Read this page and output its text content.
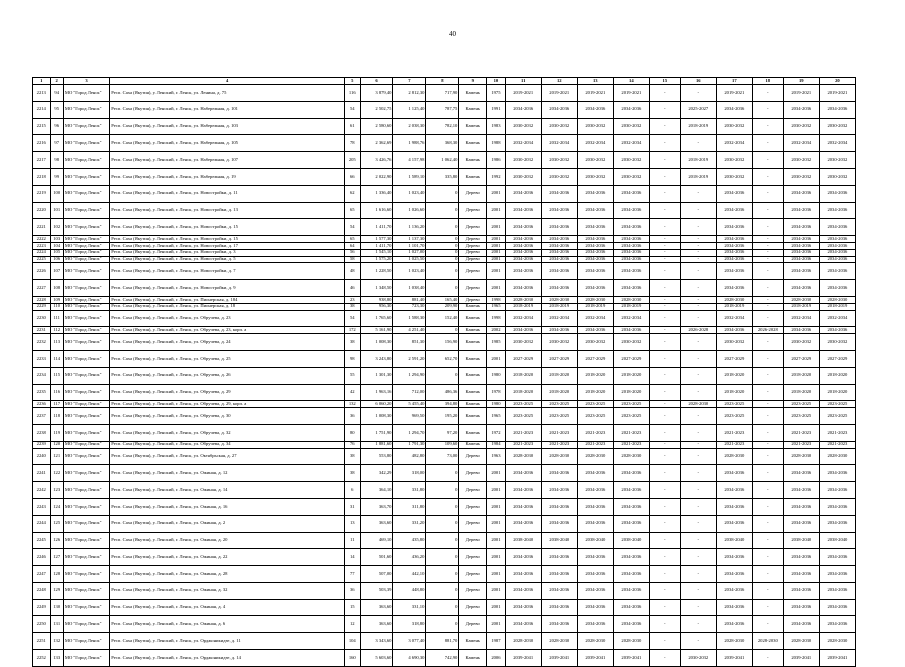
40
1	2	3	4	5	6	7	8	9	10	11	12	13	14	15	16	17	18	19	20
2213	94	МО "Город Ленск"	Респ. Саха (Якутия), у. Ленский, г. Ленск, ул. Ленина, д. 75	116	3 879,40	2 812,30	717,90	Камень	1975	2019-2021	2019-2021	2019-2021	2019-2021	-	-	2019-2021	-	2019-2021	2019-2021
2214	95	МО "Город Ленск"	Респ. Саха (Якутия), у. Ленский, г. Ленск, ул. Набережная, д. 101	54	2 502,75	1 125,40	787,75	Камень	1991	2034-2036	2034-2036	2034-2036	2034-2036	-	2025-2027	2034-2036	-	2034-2036	2034-2036
2215	96	МО "Город Ленск"	Респ. Саха (Якутия), у. Ленский, г. Ленск, ул. Набережная, д. 103	61	2 580,60	2 038,30	782,10	Камень	1983	2030-2032	2030-2032	2030-2032	2030-2032	-	2018-2019	2030-2032	-	2030-2032	2030-2032
2216	97	МО "Город Ленск"	Респ. Саха (Якутия), у. Ленский, г. Ленск, ул. Набережная, д. 105	78	2 362,69	1 988,76	368,30	Камень	1988	2032-2034	2032-2034	2032-2034	2032-2034	-	-	2032-2034	-	2032-2034	2032-2034
2217	98	МО "Город Ленск"	Респ. Саха (Якутия), у. Ленский, г. Ленск, ул. Набережная, д. 107	205	3 426,76	4 157,98	1 062,40	Камень	1986	2030-2032	2030-2032	2030-2032	2030-2032	-	2018-2019	2030-2032	-	2030-2032	2030-2032
2218	99	МО "Город Ленск"	Респ. Саха (Якутия), у. Ленский, г. Ленск, ул. Набережная, д. 19	66	2 022,90	1 589,10	335,80	Камень	1992	2030-2032	2030-2032	2030-2032	2030-2032	-	2018-2019	2030-2032	-	2030-2032	2030-2032
2219	100	МО "Город Ленск"	Респ. Саха (Якутия), у. Ленский, г. Ленск, ул. Новостройки, д. 11	62	1 336,40	1 023,40	0	Дерево	2001	2034-2036	2034-2036	2034-2036	2034-2036	-	-	2034-2036	-	2034-2036	2034-2036
2220	101	МО "Город Ленск"	Респ. Саха (Якутия), у. Ленский, г. Ленск, ул. Новостройки, д. 13	65	1 616,60	1 026,60	0	Дерево	2001	2034-2036	2034-2036	2034-2036	2034-2036	-	-	2034-2036	-	2034-2036	2034-2036
2221	102	МО "Город Ленск"	Респ. Саха (Якутия), у. Ленский, г. Ленск, ул. Новостройки, д. 15	54	1 411,70	1 136,20	0	Дерево	2001	2034-2036	2034-2036	2034-2036	2034-2036	-	-	2034-2036	-	2034-2036	2034-2036
2222	103	МО "Город Ленск"	Респ. Саха (Якутия), у. Ленский, г. Ленск, ул. Новостройки, д. 15	65	1 577,30	1 137,30	0	Дерево	2001	2034-2036	2034-2036	2034-2036	2034-2036	-	-	2034-2036	-	2034-2036	2034-2036
2223	104	МО "Город Ленск"	Респ. Саха (Якутия), у. Ленский, г. Ленск, ул. Новостройки, д. 17	64	1 411,70	1 101,70	0	Дерево	2001	2034-2036	2034-2036	2034-2036	2034-2036	-	-	2034-2036	-	2034-2036	2034-2036
2224	105	МО "Город Ленск"	Респ. Саха (Якутия), у. Ленский, г. Ленск, ул. Новостройки, д. 3	56	1 545,10	1 027,00	0	Дерево	2001	2034-2036	2034-2036	2034-2036	2034-2036	-	-	2034-2036	-	2034-2036	2034-2036
2225	106	МО "Город Ленск"	Респ. Саха (Якутия), у. Ленский, г. Ленск, ул. Новостройки, д. 5	58	1 575,20	1 025,50	0	Дерево	2001	2034-2036	2034-2036	2034-2036	2034-2036	-	-	2034-2036	-	2034-2036	2034-2036
2226	107	МО "Город Ленск"	Респ. Саха (Якутия), у. Ленский, г. Ленск, ул. Новостройки, д. 7	48	1 228,50	1 023,40	0	Дерево	2001	2034-2036	2034-2036	2034-2036	2034-2036	-	-	2034-2036	-	2034-2036	2034-2036
2227	108	МО "Город Ленск"	Респ. Саха (Якутия), у. Ленский, г. Ленск, ул. Новостройки, д. 9	46	1 348,50	1 038,40	0	Дерево	2001	2034-2036	2034-2036	2034-2036	2034-2036	-	-	2034-2036	-	2034-2036	2034-2036
2228	109	МО "Город Ленск"	Респ. Саха (Якутия), у. Ленский, г. Ленск, ул. Пионерская, д. 184	23	938,80	881,40	165,40	Дерево	1998	2028-2030	2028-2030	2028-2030	2028-2030	-	-	2028-2030	-	2028-2030	2028-2030
2229	110	МО "Город Ленск"	Респ. Саха (Якутия), у. Ленский, г. Ленск, ул. Пионерская, д. 18	38	956,30	723,30	209,90	Камень	1965	2018-2019	2018-2019	2018-2019	2018-2019	-	-	2018-2019	-	2018-2019	2018-2019
2230	111	МО "Город Ленск"	Респ. Саха (Якутия), у. Ленский, г. Ленск, ул. Обручева, д. 23	54	1 765,60	1 588,30	152,40	Камень	1998	2032-2034	2032-2034	2032-2034	2032-2034	-	-	2032-2034	-	2032-2034	2032-2034
2231	112	МО "Город Ленск"	Респ. Саха (Якутия), у. Ленский, г. Ленск, ул. Обручева, д. 23, корп. а	172	5 161,90	4 251,40	0	Камень	2002	2034-2036	2034-2036	2034-2036	2034-2036	-	2026-2028	2034-2036	2026-2028	2034-2036	2034-2036
2232	113	МО "Город Ленск"	Респ. Саха (Якутия), у. Ленский, г. Ленск, ул. Обручева, д. 24	38	1 008,30	851,30	156,90	Камень	1985	2030-2032	2030-2032	2030-2032	2030-2032	-	-	2030-2032	-	2030-2032	2030-2032
2233	114	МО "Город Ленск"	Респ. Саха (Якутия), у. Ленский, г. Ленск, ул. Обручева, д. 25	98	3 243,80	2 591,20	652,70	Камень	2001	2027-2029	2027-2029	2027-2029	2027-2029	-	-	2027-2029	-	2027-2029	2027-2029
2234	115	МО "Город Ленск"	Респ. Саха (Якутия), у. Ленский, г. Ленск, ул. Обручева, д. 26	55	1 301,30	1 294,90	0	Камень	1980	2018-2020	2018-2020	2018-2020	2018-2020	-	-	2018-2020	-	2018-2020	2018-2020
2235	116	МО "Город Ленск"	Респ. Саха (Якутия), у. Ленский, г. Ленск, ул. Обручева, д. 29	42	1 963,16	712,00	486,36	Камень	1978	2018-2020	2018-2020	2018-2020	2018-2020	-	-	2018-2020	-	2018-2020	2018-2020
2236	117	МО "Город Ленск"	Респ. Саха (Якутия), у. Ленский, г. Ленск, ул. Обручева, д. 29, корп. а	132	6 060,20	5 455,40	394,80	Камень	1980	2023-2025	2023-2025	2023-2025	2023-2025	-	2028-2030	2023-2025	-	2023-2025	2023-2025
2237	118	МО "Город Ленск"	Респ. Саха (Якутия), у. Ленский, г. Ленск, ул. Обручева, д. 30	36	1 008,30	969,50	195,20	Камень	1965	2023-2025	2023-2025	2023-2025	2023-2025	-	-	2023-2025	-	2023-2025	2023-2025
2238	119	МО "Город Ленск"	Респ. Саха (Якутия), у. Ленский, г. Ленск, ул. Обручева, д. 32	80	1 751,90	1 294,70	97,20	Камень	1972	2021-2023	2021-2023	2021-2023	2021-2023	-	-	2021-2023	-	2021-2023	2021-2023
2239	120	МО "Город Ленск"	Респ. Саха (Якутия), у. Ленский, г. Ленск, ул. Обручева, д. 34	76	1 881,60	1 791,30	109,60	Камень	1984	2021-2023	2021-2023	2021-2023	2021-2023	-	-	2021-2023	-	2021-2023	2021-2023
2240	121	МО "Город Ленск"	Респ. Саха (Якутия), у. Ленский, г. Ленск, ул. Октябрьская, д. 27	38	553,80	482,80	73,00	Дерево	1963	2028-2030	2028-2030	2028-2030	2028-2030	-	-	2028-2030	-	2028-2030	2028-2030
2241	122	МО "Город Ленск"	Респ. Саха (Якутия), у. Ленский, г. Ленск, ул. Ожиная, д. 12	38	342,29	318,00	0	Дерево	2001	2034-2036	2034-2036	2034-2036	2034-2036	-	-	2034-2036	-	2034-2036	2034-2036
2242	123	МО "Город Ленск"	Респ. Саха (Якутия), у. Ленский, г. Ленск, ул. Ожиная, д. 14	6	364,10	331,80	0	Дерево	2001	2034-2036	2034-2036	2034-2036	2034-2036	-	-	2034-2036	-	2034-2036	2034-2036
2243	124	МО "Город Ленск"	Респ. Саха (Якутия), у. Ленский, г. Ленск, ул. Ожиная, д. 16	31	363,70	311,80	0	Дерево	2001	2034-2036	2034-2036	2034-2036	2034-2036	-	-	2034-2036	-	2034-2036	2034-2036
2244	125	МО "Город Ленск"	Респ. Саха (Якутия), у. Ленский, г. Ленск, ул. Ожиная, д. 2	13	363,60	331,20	0	Дерево	2001	2034-2036	2034-2036	2034-2036	2034-2036	-	-	2034-2036	-	2034-2036	2034-2036
2245	126	МО "Город Ленск"	Респ. Саха (Якутия), у. Ленский, г. Ленск, ул. Ожиная, д. 20	11	469,10	435,80	0	Дерево	2001	2038-2040	2038-2040	2038-2040	2038-2040	-	-	2038-2040	-	2038-2040	2038-2040
2246	127	МО "Город Ленск"	Респ. Саха (Якутия), у. Ленский, г. Ленск, ул. Ожиная, д. 22	14	501,60	436,20	0	Дерево	2001	2034-2036	2034-2036	2034-2036	2034-2036	-	-	2034-2036	-	2034-2036	2034-2036
2247	128	МО "Город Ленск"	Респ. Саха (Якутия), у. Ленский, г. Ленск, ул. Ожиная, д. 28	77	507,00	442,10	0	Дерево	2001	2034-2036	2034-2036	2034-2036	2034-2036	-	-	2034-2036	-	2034-2036	2034-2036
2248	129	МО "Город Ленск"	Респ. Саха (Якутия), у. Ленский, г. Ленск, ул. Ожиная, д. 32	36	503,39	448,80	0	Дерево	2001	2034-2036	2034-2036	2034-2036	2034-2036	-	-	2034-2036	-	2034-2036	2034-2036
2249	130	МО "Город Ленск"	Респ. Саха (Якутия), у. Ленский, г. Ленск, ул. Ожиная, д. 4	15	363,60	331,10	0	Дерево	2001	2034-2036	2034-2036	2034-2036	2034-2036	-	-	2034-2036	-	2034-2036	2034-2036
2250	131	МО "Город Ленск"	Респ. Саха (Якутия), у. Ленский, г. Ленск, ул. Ожиная, д. 6	12	363,60	318,80	0	Дерево	2001	2034-2036	2034-2036	2034-2036	2034-2036	-	-	2034-2036	-	2034-2036	2034-2036
2251	132	МО "Город Ленск"	Респ. Саха (Якутия), у. Ленский, г. Ленск, ул. Орджоникидзе, д. 11	104	3 343,60	3 077,40	881,70	Камень	1987	2028-2030	2028-2030	2028-2030	2028-2030	-	-	2028-2030	2028-2030	2028-2030	2028-2030
2252	133	МО "Город Ленск"	Респ. Саха (Якутия), у. Ленский, г. Ленск, ул. Орджоникидзе, д. 14	160	5 603,60	4 690,30	742,90	Камень	2006	2039-2041	2039-2041	2039-2041	2039-2041	-	2030-2032	2039-2041	-	2039-2041	2039-2041
